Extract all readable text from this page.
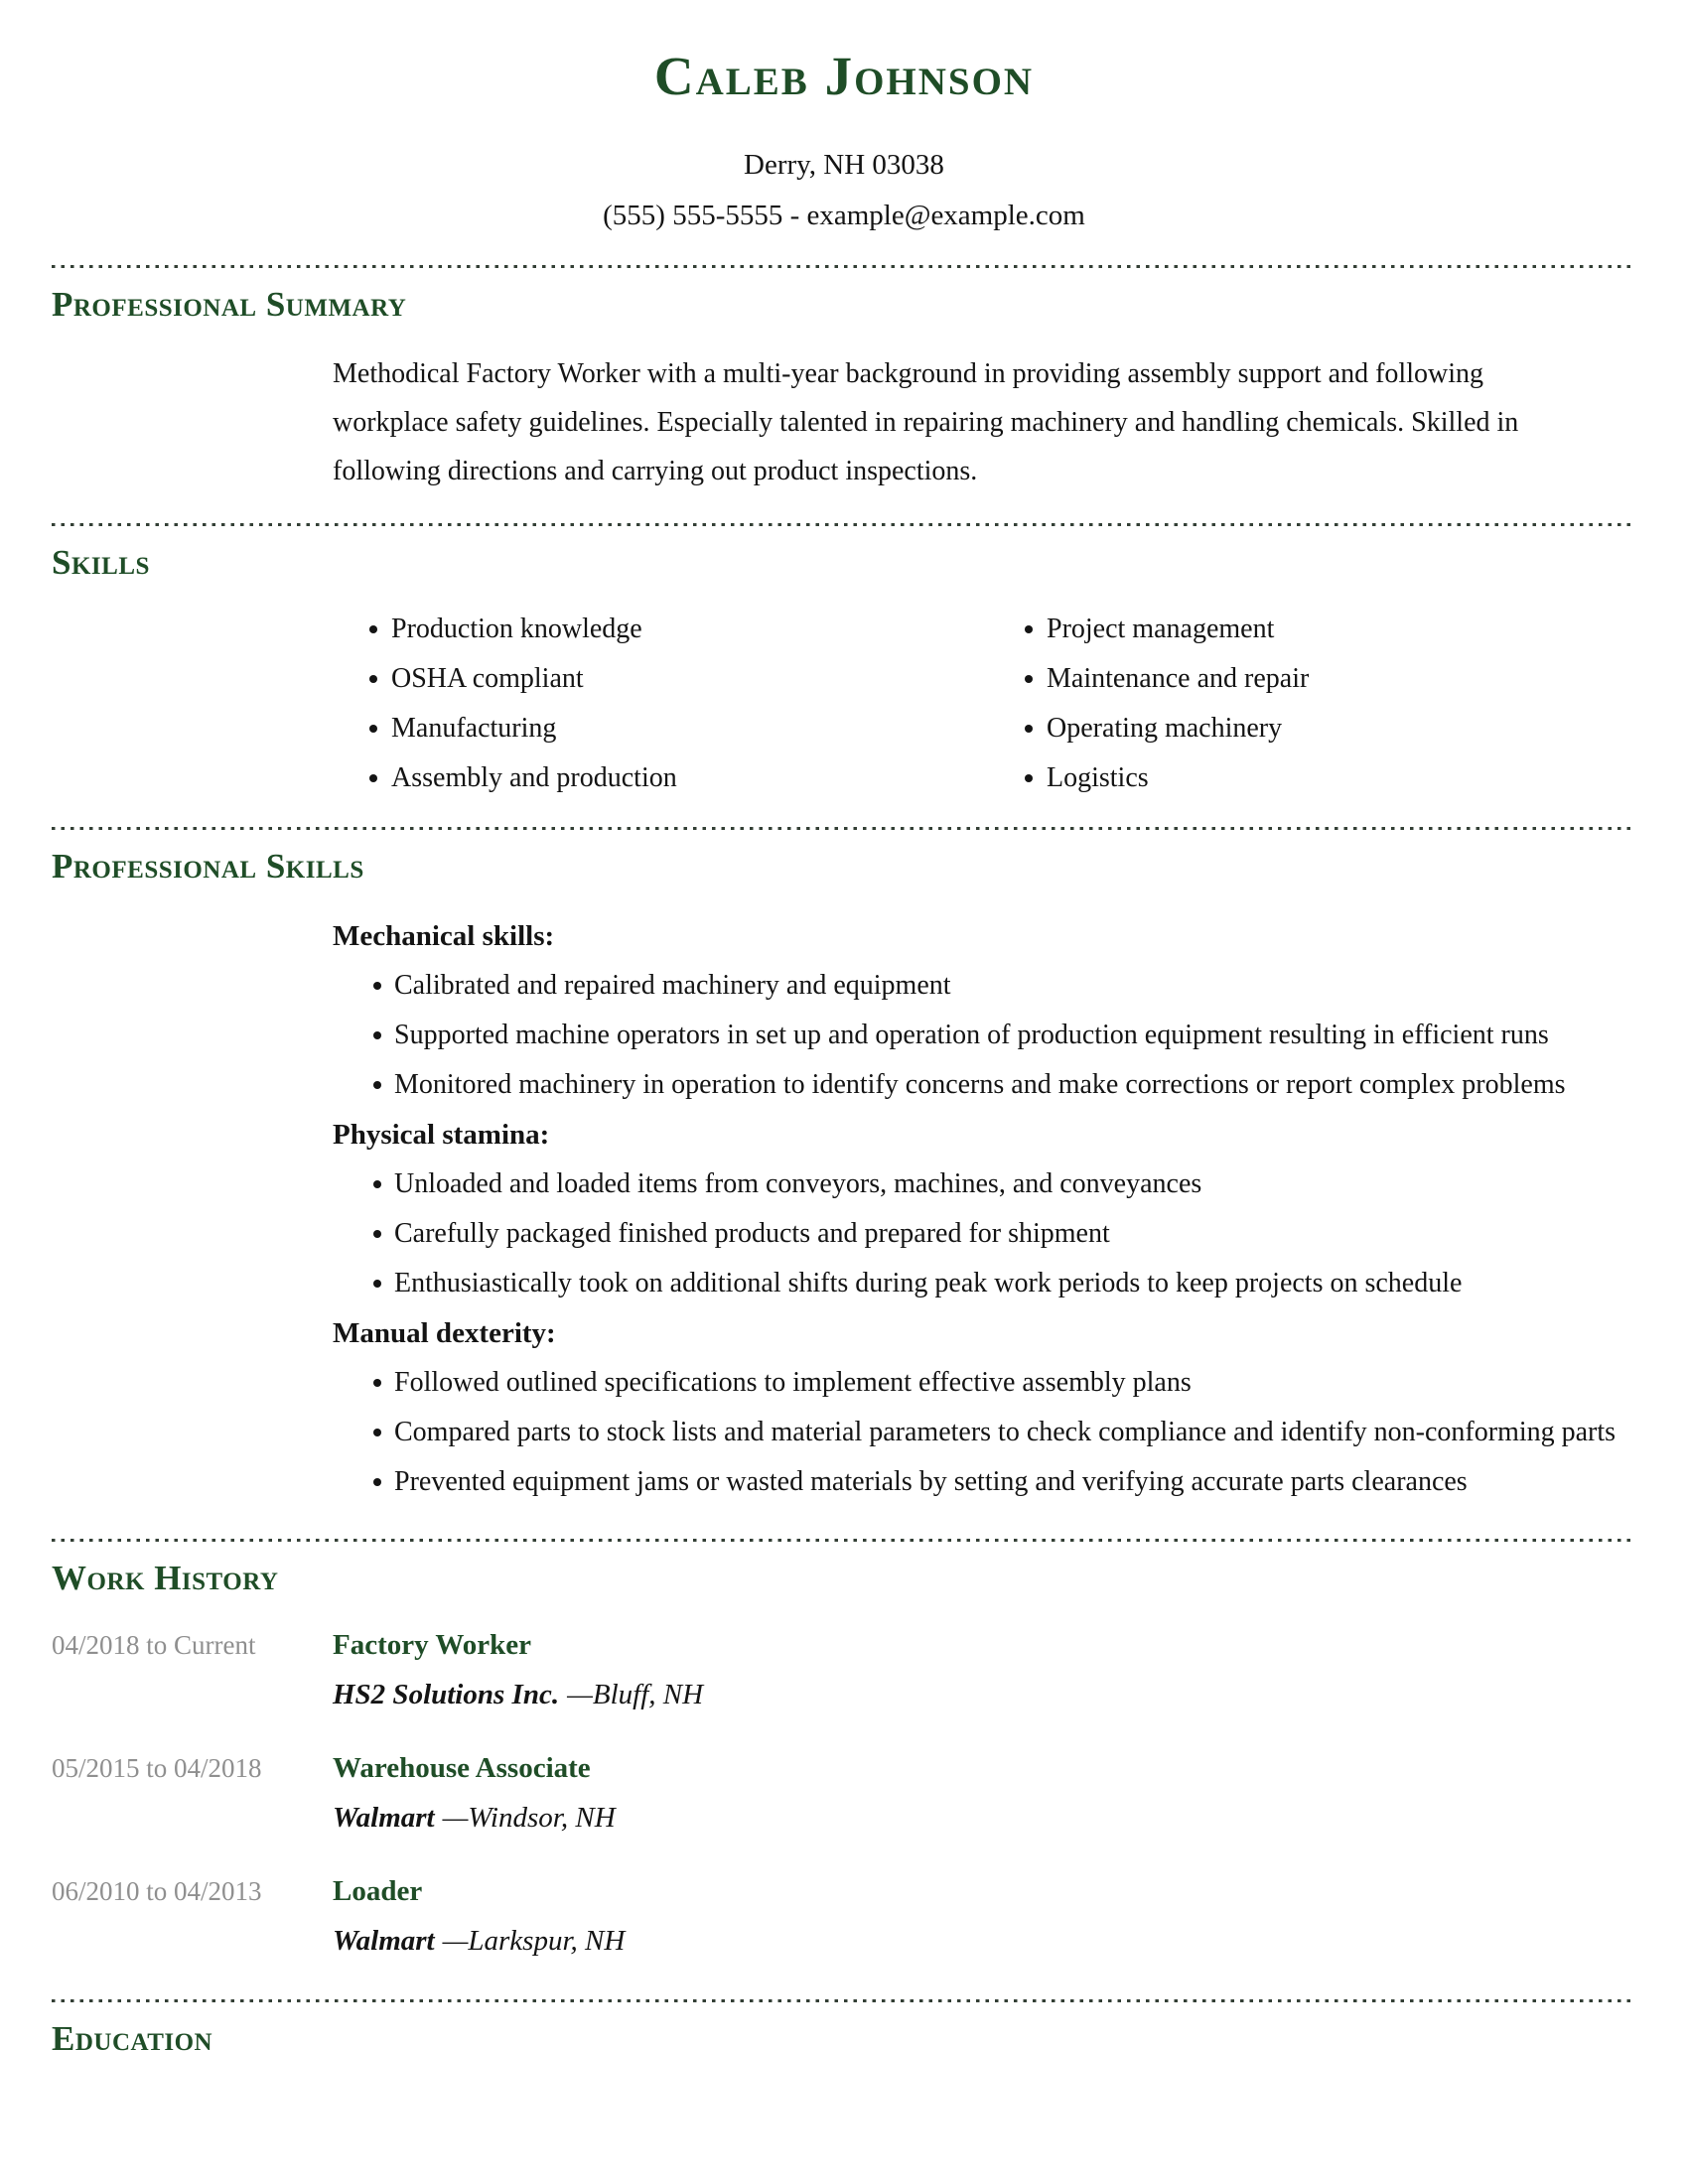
Caleb Johnson
Derry, NH 03038
(555) 555-5555 - example@example.com
Professional Summary

Methodical Factory Worker with a multi-year background in providing assembly support and following workplace safety guidelines. Especially talented in repairing machinery and handling chemicals. Skilled in following directions and carrying out product inspections.

Skills
Production knowledge
OSHA compliant
Manufacturing
Assembly and production
Project management
Maintenance and repair
Operating machinery
Logistics
Professional Skills
Mechanical skills:
Calibrated and repaired machinery and equipment
Supported machine operators in set up and operation of production equipment resulting in efficient runs
Monitored machinery in operation to identify concerns and make corrections or report complex problems
Physical stamina:
Unloaded and loaded items from conveyors, machines, and conveyances
Carefully packaged finished products and prepared for shipment
Enthusiastically took on additional shifts during peak work periods to keep projects on schedule
Manual dexterity:
Followed outlined specifications to implement effective assembly plans
Compared parts to stock lists and material parameters to check compliance and identify non-conforming parts
Prevented equipment jams or wasted materials by setting and verifying accurate parts clearances
Work History
04/2018 to Current	Factory Worker
HS2 Solutions Inc. —Bluff, NH
05/2015 to 04/2018	Warehouse Associate
Walmart —Windsor, NH
06/2010 to 04/2013	Loader
Walmart —Larkspur, NH
Education
